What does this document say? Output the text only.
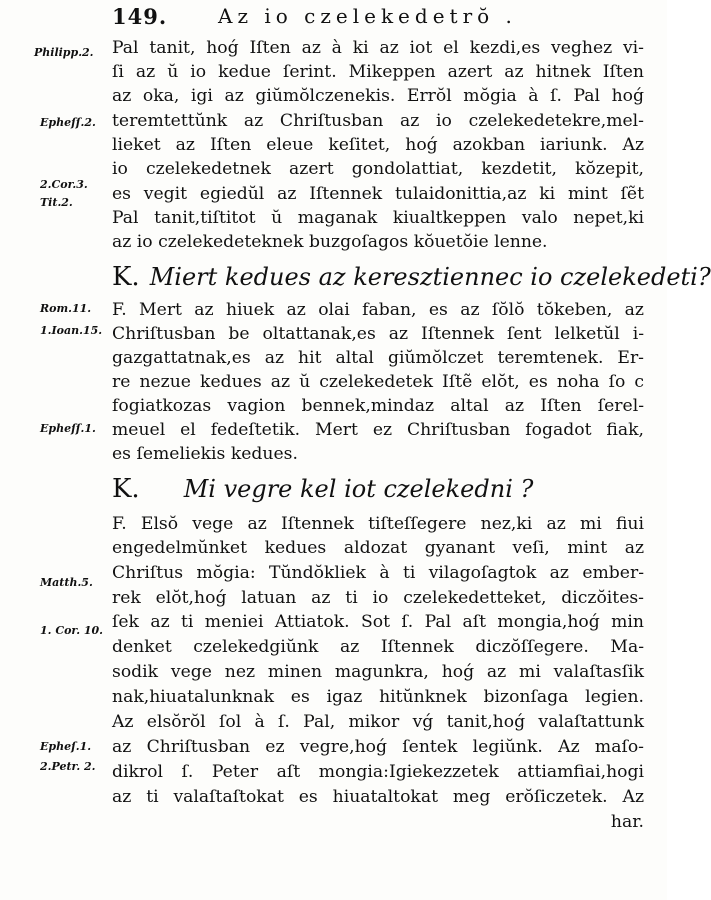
149.	Az io czelekedetrŏ .
Pal tanit, hoǵ Iſten az à ki az iot el kezdi,es veghez vi-
ſi az ŭ io kedue ſerint. Mikeppen azert az hitnek Iſten
az oka, igi az giŭmŏlczenekis. Errŏl mŏgia à ſ. Pal hoǵ
teremtettŭnk az Chriſtusban az io czelekedetekre,mel-
lieket az Iſten eleue keſitet, hoǵ azokban iariunk. Az
io czelekedetnek azert gondolattiat, kezdetit, kŏzepit,
es vegit egiedŭl az Iſtennek tulaidonittia,az ki mint ſẽt
Pal tanit,tiſtitot ŭ maganak kiualtkeppen valo nepet,ki
az io czelekedeteknek buzgoſagos kŏuetŏie lenne.
K. Miert kedues az keresztiennec io czelekedeti?
F. Mert az hiuek az olai faban, es az ſŏlŏ tŏkeben, az
Chriſtusban be oltattanak,es az Iſtennek ſent lelketŭl i-
gazgattatnak,es az hit altal giŭmŏlczet teremtenek. Er-
re nezue kedues az ŭ czelekedetek Iſtẽ elŏt, es noha ſo c
fogiatkozas vagion bennek,mindaz altal az Iſten ſerel-
meuel el fedeſtetik. Mert ez Chriſtusban fogadot fiak,
es ſemeliekis kedues.
K. Mi vegre kel iot czelekedni ?
F. Elsŏ vege az Iſtennek tiſteſſegere nez,ki az mi fiui
engedelmŭnket kedues aldozat gyanant veſi, mint az
Chriſtus mŏgia: Tŭndŏkliek à ti vilagoſagtok az ember-
rek elŏt,hoǵ latuan az ti io czelekedetteket, diczŏites-
ſek az ti meniei Attiatok. Sot ſ. Pal aſt mongia,hoǵ min
denket czelekedgiŭnk az Iſtennek diczŏſſegere. Ma-
sodik vege nez minen magunkra, hoǵ az mi valaſtasſik
nak,hiuatalunknak es igaz hitŭnknek bizonſaga legien.
Az elsŏrŏl ſol à ſ. Pal, mikor vǵ tanit,hoǵ valaſtattunk
az Chriſtusban ez vegre,hoǵ ſentek legiŭnk. Az maſo-
dikrol ſ. Peter aſt mongia:Igiekezzetek attiamfiai,hogi
az ti valaſtaſtokat es hiuataltokat meg erŏſiczetek. Az
har.
Philipp.2.
Epheſſ.2.
2.Cor.3.
Tit.2.
Rom.11.
1.Ioan.15.
Epheſſ.1.
Matth.5.
1. Cor. 10.
Epheſ.1.
2.Petr. 2.
